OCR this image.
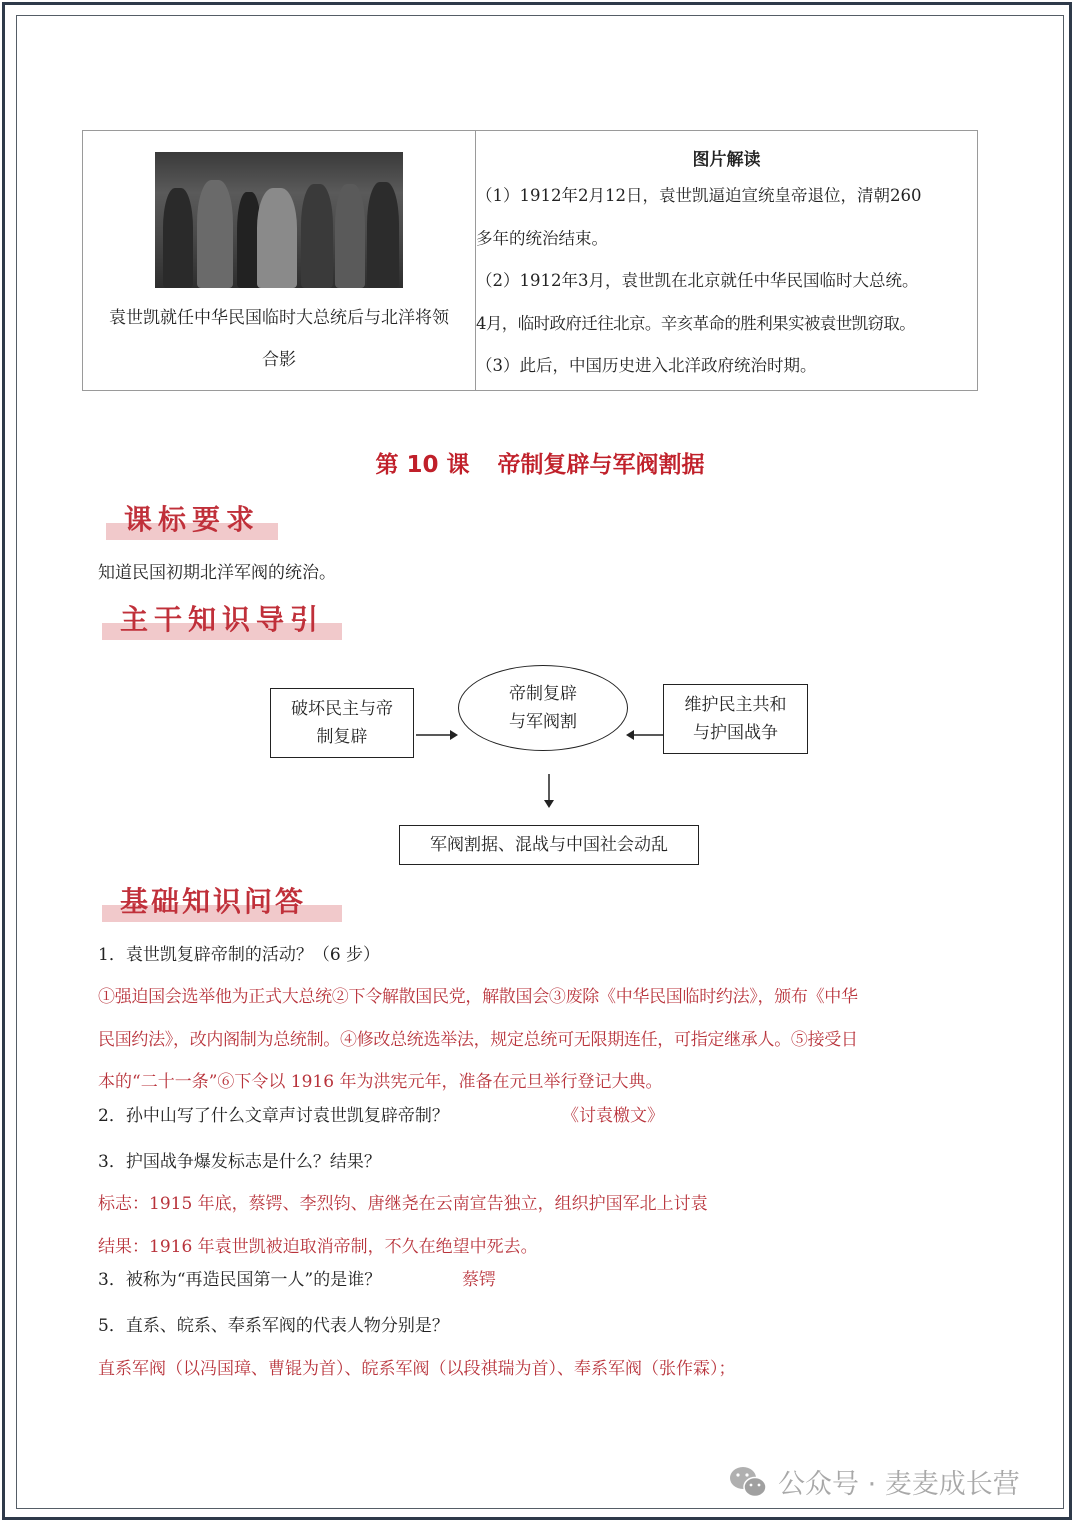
袁世凯就任中华民国临时大总统后与北洋将领
合影
图片解读
（1）1912年2月12日，袁世凯逼迫宣统皇帝退位，清朝260
多年的统治结束。
（2）1912年3月，袁世凯在北京就任中华民国临时大总统。
4月，临时政府迁往北京。辛亥革命的胜利果实被袁世凯窃取。
（3）此后，中国历史进入北洋政府统治时期。
第 10 课 帝制复辟与军阀割据
课标要求
知道民国初期北洋军阀的统治。
主干知识导引
破坏民主与帝
制复辟
帝制复辟
与军阀割
维护民主共和
与护国战争
军阀割据、混战与中国社会动乱
基础知识问答
1．袁世凯复辟帝制的活动？（6 步）
①强迫国会选举他为正式大总统②下令解散国民党，解散国会③废除《中华民国临时约法》，颁布《中华
民国约法》，改内阁制为总统制。④修改总统选举法，规定总统可无限期连任，可指定继承人。⑤接受日
本的“二十一条”⑥下令以 1916 年为洪宪元年，准备在元旦举行登记大典。
2．孙中山写了什么文章声讨袁世凯复辟帝制？	《讨袁檄文》
3．护国战争爆发标志是什么？结果？
标志：1915 年底，蔡锷、李烈钧、唐继尧在云南宣告独立，组织护国军北上讨袁
结果：1916 年袁世凯被迫取消帝制，不久在绝望中死去。
3．被称为“再造民国第一人”的是谁？	蔡锷
5．直系、皖系、奉系军阀的代表人物分别是？
直系军阀（以冯国璋、曹锟为首）、皖系军阀（以段祺瑞为首）、奉系军阀（张作霖）；
公众号 · 麦麦成长营
